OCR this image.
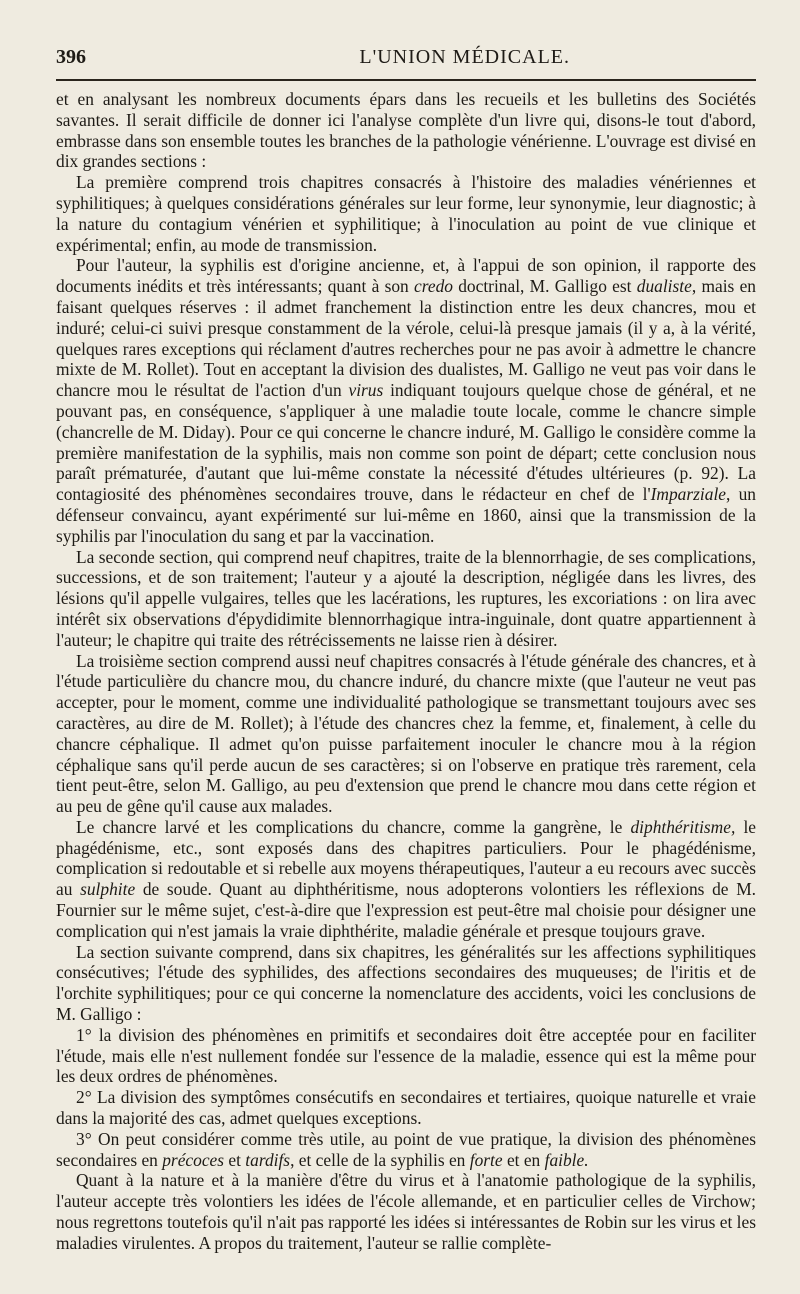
396	L'UNION MÉDICALE.

et en analysant les nombreux documents épars dans les recueils et les bulletins des Sociétés savantes. Il serait difficile de donner ici l'analyse complète d'un livre qui, disons-le tout d'abord, embrasse dans son ensemble toutes les branches de la pathologie vénérienne. L'ouvrage est divisé en dix grandes sections :

La première comprend trois chapitres consacrés à l'histoire des maladies vénériennes et syphilitiques; à quelques considérations générales sur leur forme, leur synonymie, leur diagnostic; à la nature du contagium vénérien et syphilitique; à l'inoculation au point de vue clinique et expérimental; enfin, au mode de transmission.

Pour l'auteur, la syphilis est d'origine ancienne, et, à l'appui de son opinion, il rapporte des documents inédits et très intéressants; quant à son credo doctrinal, M. Galligo est dualiste, mais en faisant quelques réserves : il admet franchement la distinction entre les deux chancres, mou et induré; celui-ci suivi presque constamment de la vérole, celui-là presque jamais (il y a, à la vérité, quelques rares exceptions qui réclament d'autres recherches pour ne pas avoir à admettre le chancre mixte de M. Rollet). Tout en acceptant la division des dualistes, M. Galligo ne veut pas voir dans le chancre mou le résultat de l'action d'un virus indiquant toujours quelque chose de général, et ne pouvant pas, en conséquence, s'appliquer à une maladie toute locale, comme le chancre simple (chancrelle de M. Diday). Pour ce qui concerne le chancre induré, M. Galligo le considère comme la première manifestation de la syphilis, mais non comme son point de départ; cette conclusion nous paraît prématurée, d'autant que lui-même constate la nécessité d'études ultérieures (p. 92). La contagiosité des phénomènes secondaires trouve, dans le rédacteur en chef de l'Imparziale, un défenseur convaincu, ayant expérimenté sur lui-même en 1860, ainsi que la transmission de la syphilis par l'inoculation du sang et par la vaccination.

La seconde section, qui comprend neuf chapitres, traite de la blennorrhagie, de ses complications, successions, et de son traitement; l'auteur y a ajouté la description, négligée dans les livres, des lésions qu'il appelle vulgaires, telles que les lacérations, les ruptures, les excoriations : on lira avec intérêt six observations d'épydidimite blennorrhagique intra-inguinale, dont quatre appartiennent à l'auteur; le chapitre qui traite des rétrécissements ne laisse rien à désirer.

La troisième section comprend aussi neuf chapitres consacrés à l'étude générale des chancres, et à l'étude particulière du chancre mou, du chancre induré, du chancre mixte (que l'auteur ne veut pas accepter, pour le moment, comme une individualité pathologique se transmettant toujours avec ses caractères, au dire de M. Rollet); à l'étude des chancres chez la femme, et, finalement, à celle du chancre céphalique. Il admet qu'on puisse parfaitement inoculer le chancre mou à la région céphalique sans qu'il perde aucun de ses caractères; si on l'observe en pratique très rarement, cela tient peut-être, selon M. Galligo, au peu d'extension que prend le chancre mou dans cette région et au peu de gêne qu'il cause aux malades.

Le chancre larvé et les complications du chancre, comme la gangrène, le diphthéritisme, le phagédénisme, etc., sont exposés dans des chapitres particuliers. Pour le phagédénisme, complication si redoutable et si rebelle aux moyens thérapeutiques, l'auteur a eu recours avec succès au sulphite de soude. Quant au diphthéritisme, nous adopterons volontiers les réflexions de M. Fournier sur le même sujet, c'est-à-dire que l'expression est peut-être mal choisie pour désigner une complication qui n'est jamais la vraie diphthérite, maladie générale et presque toujours grave.

La section suivante comprend, dans six chapitres, les généralités sur les affections syphilitiques consécutives; l'étude des syphilides, des affections secondaires des muqueuses; de l'iritis et de l'orchite syphilitiques; pour ce qui concerne la nomenclature des accidents, voici les conclusions de M. Galligo :

1° la division des phénomènes en primitifs et secondaires doit être acceptée pour en faciliter l'étude, mais elle n'est nullement fondée sur l'essence de la maladie, essence qui est la même pour les deux ordres de phénomènes.

2° La division des symptômes consécutifs en secondaires et tertiaires, quoique naturelle et vraie dans la majorité des cas, admet quelques exceptions.

3° On peut considérer comme très utile, au point de vue pratique, la division des phénomènes secondaires en précoces et tardifs, et celle de la syphilis en forte et en faible.

Quant à la nature et à la manière d'être du virus et à l'anatomie pathologique de la syphilis, l'auteur accepte très volontiers les idées de l'école allemande, et en particulier celles de Virchow; nous regrettons toutefois qu'il n'ait pas rapporté les idées si intéressantes de Robin sur les virus et les maladies virulentes. A propos du traitement, l'auteur se rallie complète-
